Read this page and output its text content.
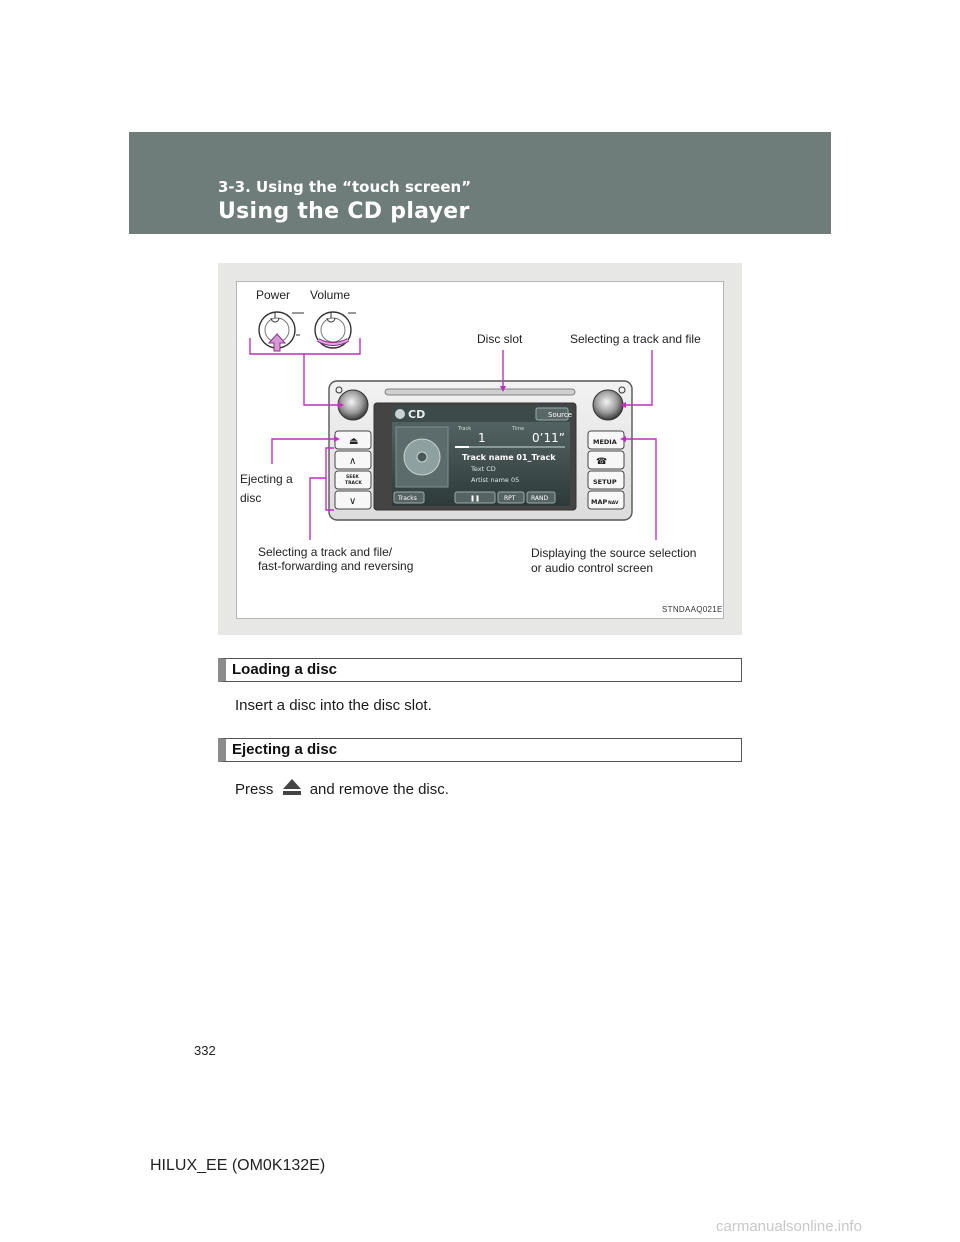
3-3. Using the “touch screen”
Using the CD player
CD	Source
Track	Time
1	0’11”
Track name 01_Track
Text CD
Artist name 05
Tracks	❚❚	RPT	RAND
⏏
∧
SEEK
TRACK
∨
MEDIA
☎
SETUP
MAP NAV
Power Volume
Disc slot	Selecting a track and file
Ejecting a
disc
Selecting a track and file/
fast-forwarding and reversing
Displaying the source selection
or audio control screen
STNDAAQ021E
Loading a disc
Insert a disc into the disc slot.
Ejecting a disc
Press and remove the disc.
332
HILUX_EE (OM0K132E)
carmanualsonline.info
